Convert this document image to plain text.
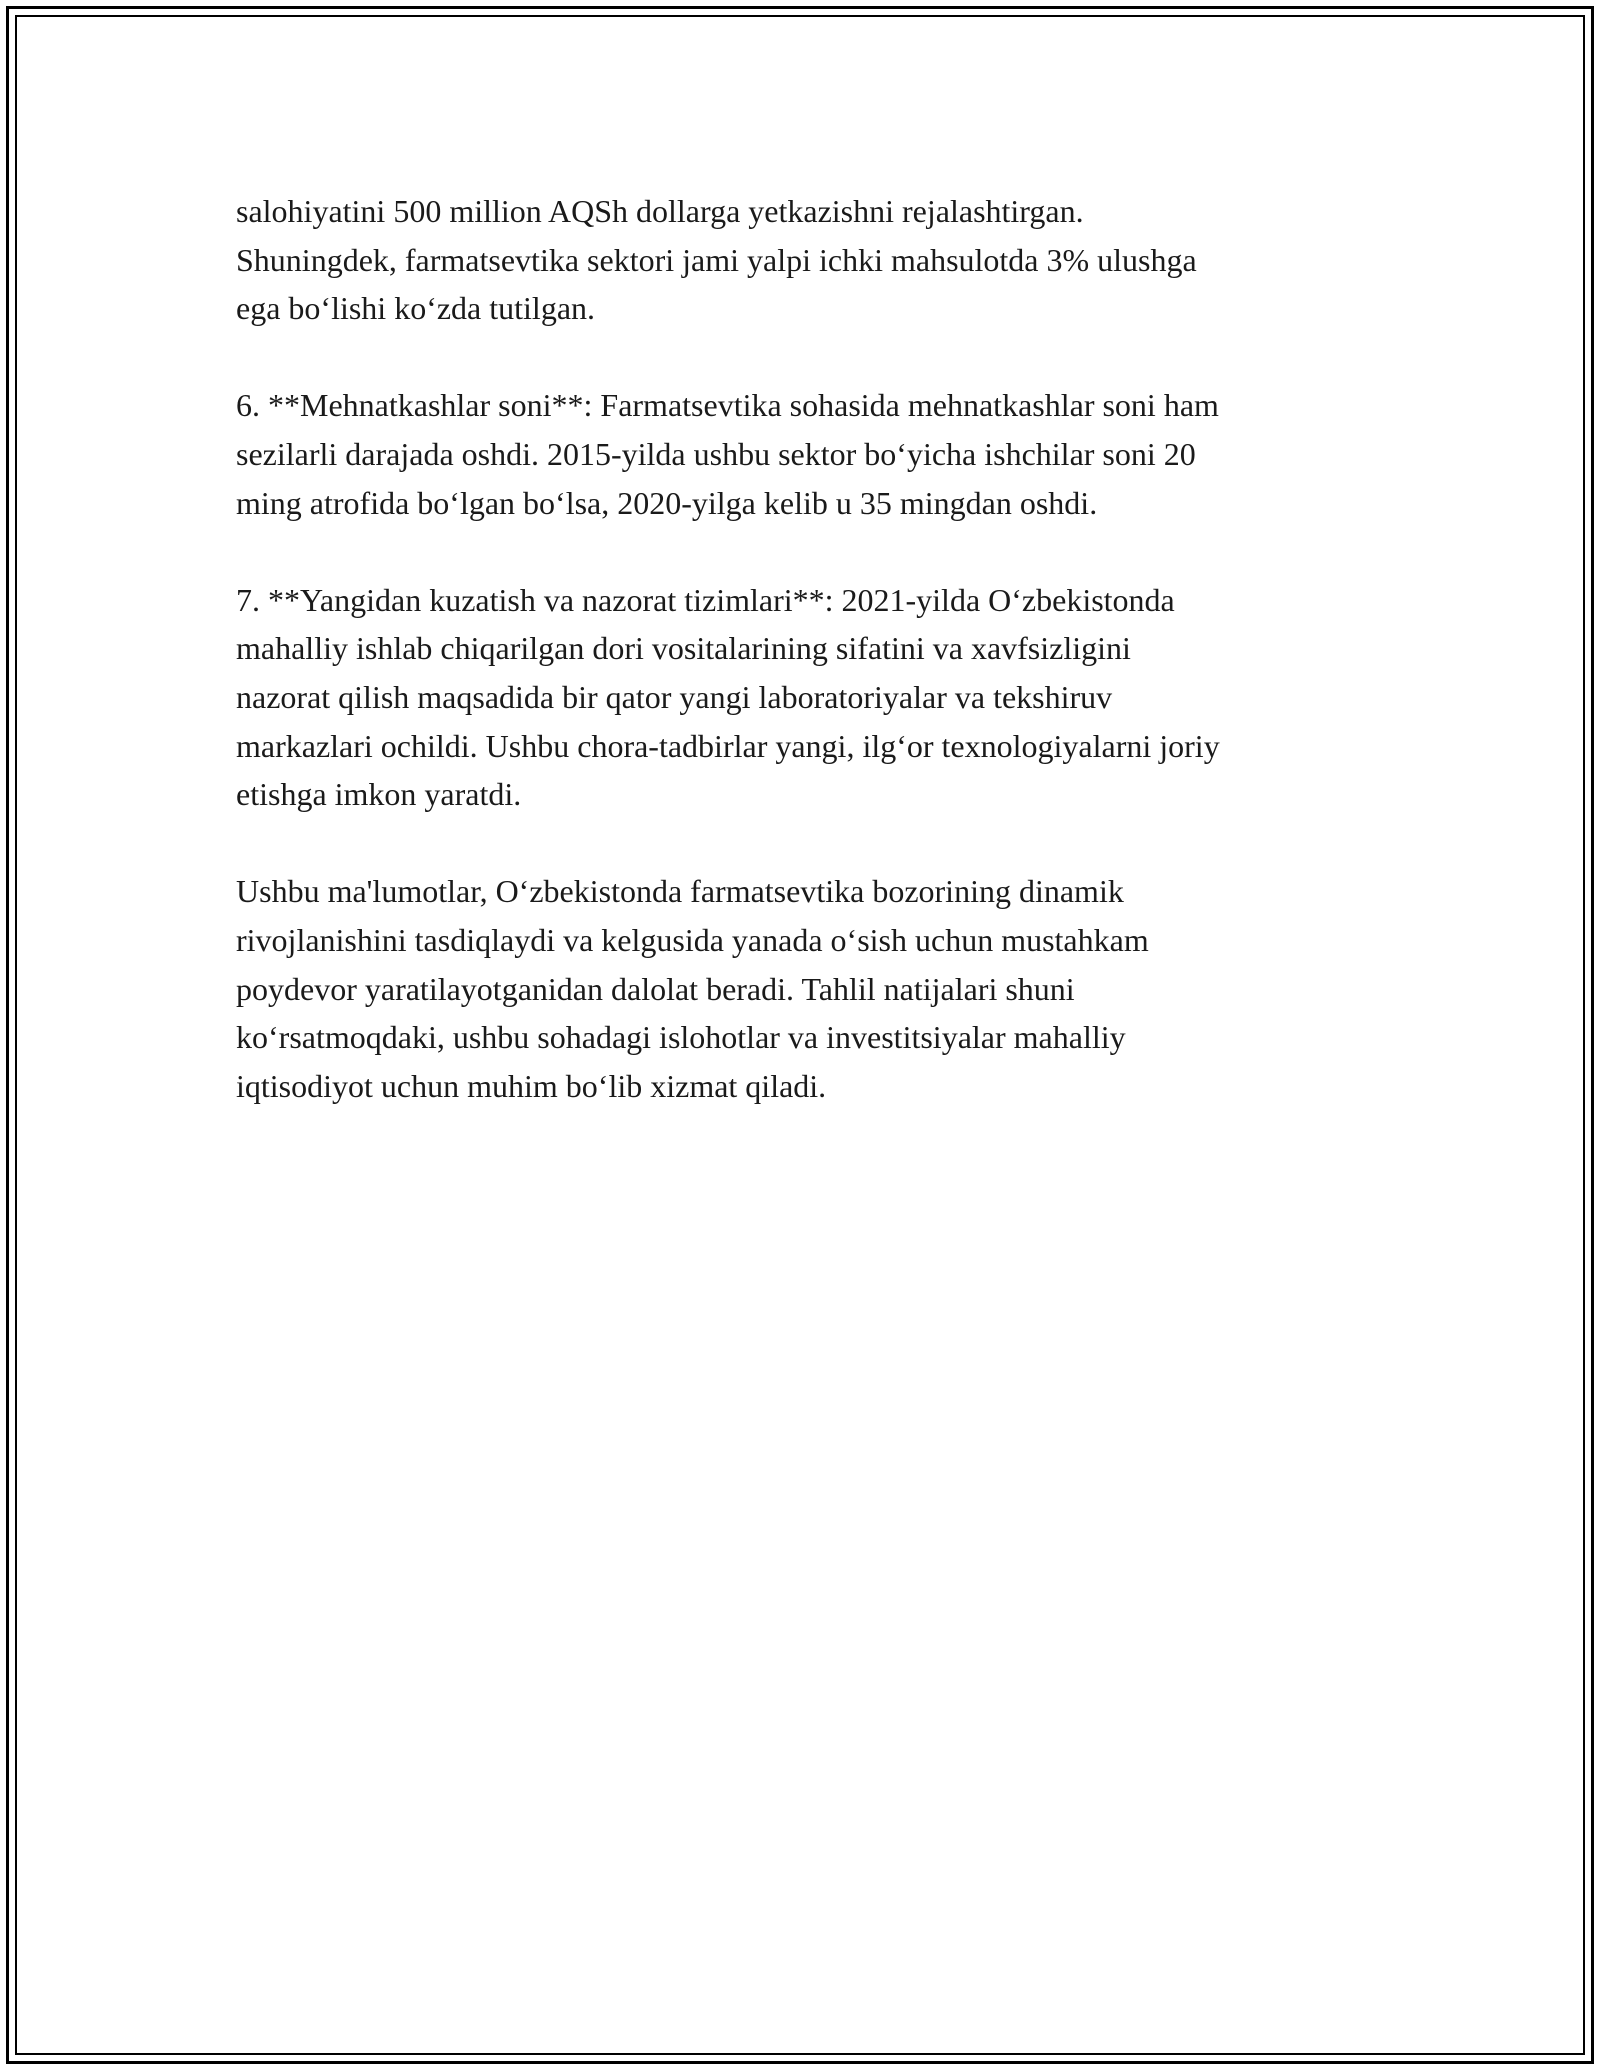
salohiyatini 500 million AQSh dollarga yetkazishni rejalashtirgan.
Shuningdek, farmatsevtika sektori jami yalpi ichki mahsulotda 3% ulushga
ega bo‘lishi ko‘zda tutilgan.

6. **Mehnatkashlar soni**: Farmatsevtika sohasida mehnatkashlar soni ham
sezilarli darajada oshdi. 2015-yilda ushbu sektor bo‘yicha ishchilar soni 20
ming atrofida bo‘lgan bo‘lsa, 2020-yilga kelib u 35 mingdan oshdi.

7. **Yangidan kuzatish va nazorat tizimlari**: 2021-yilda O‘zbekistonda
mahalliy ishlab chiqarilgan dori vositalarining sifatini va xavfsizligini
nazorat qilish maqsadida bir qator yangi laboratoriyalar va tekshiruv
markazlari ochildi. Ushbu chora-tadbirlar yangi, ilg‘or texnologiyalarni joriy
etishga imkon yaratdi.

Ushbu ma'lumotlar, O‘zbekistonda farmatsevtika bozorining dinamik
rivojlanishini tasdiqlaydi va kelgusida yanada o‘sish uchun mustahkam
poydevor yaratilayotganidan dalolat beradi. Tahlil natijalari shuni
ko‘rsatmoqdaki, ushbu sohadagi islohotlar va investitsiyalar mahalliy
iqtisodiyot uchun muhim bo‘lib xizmat qiladi.
